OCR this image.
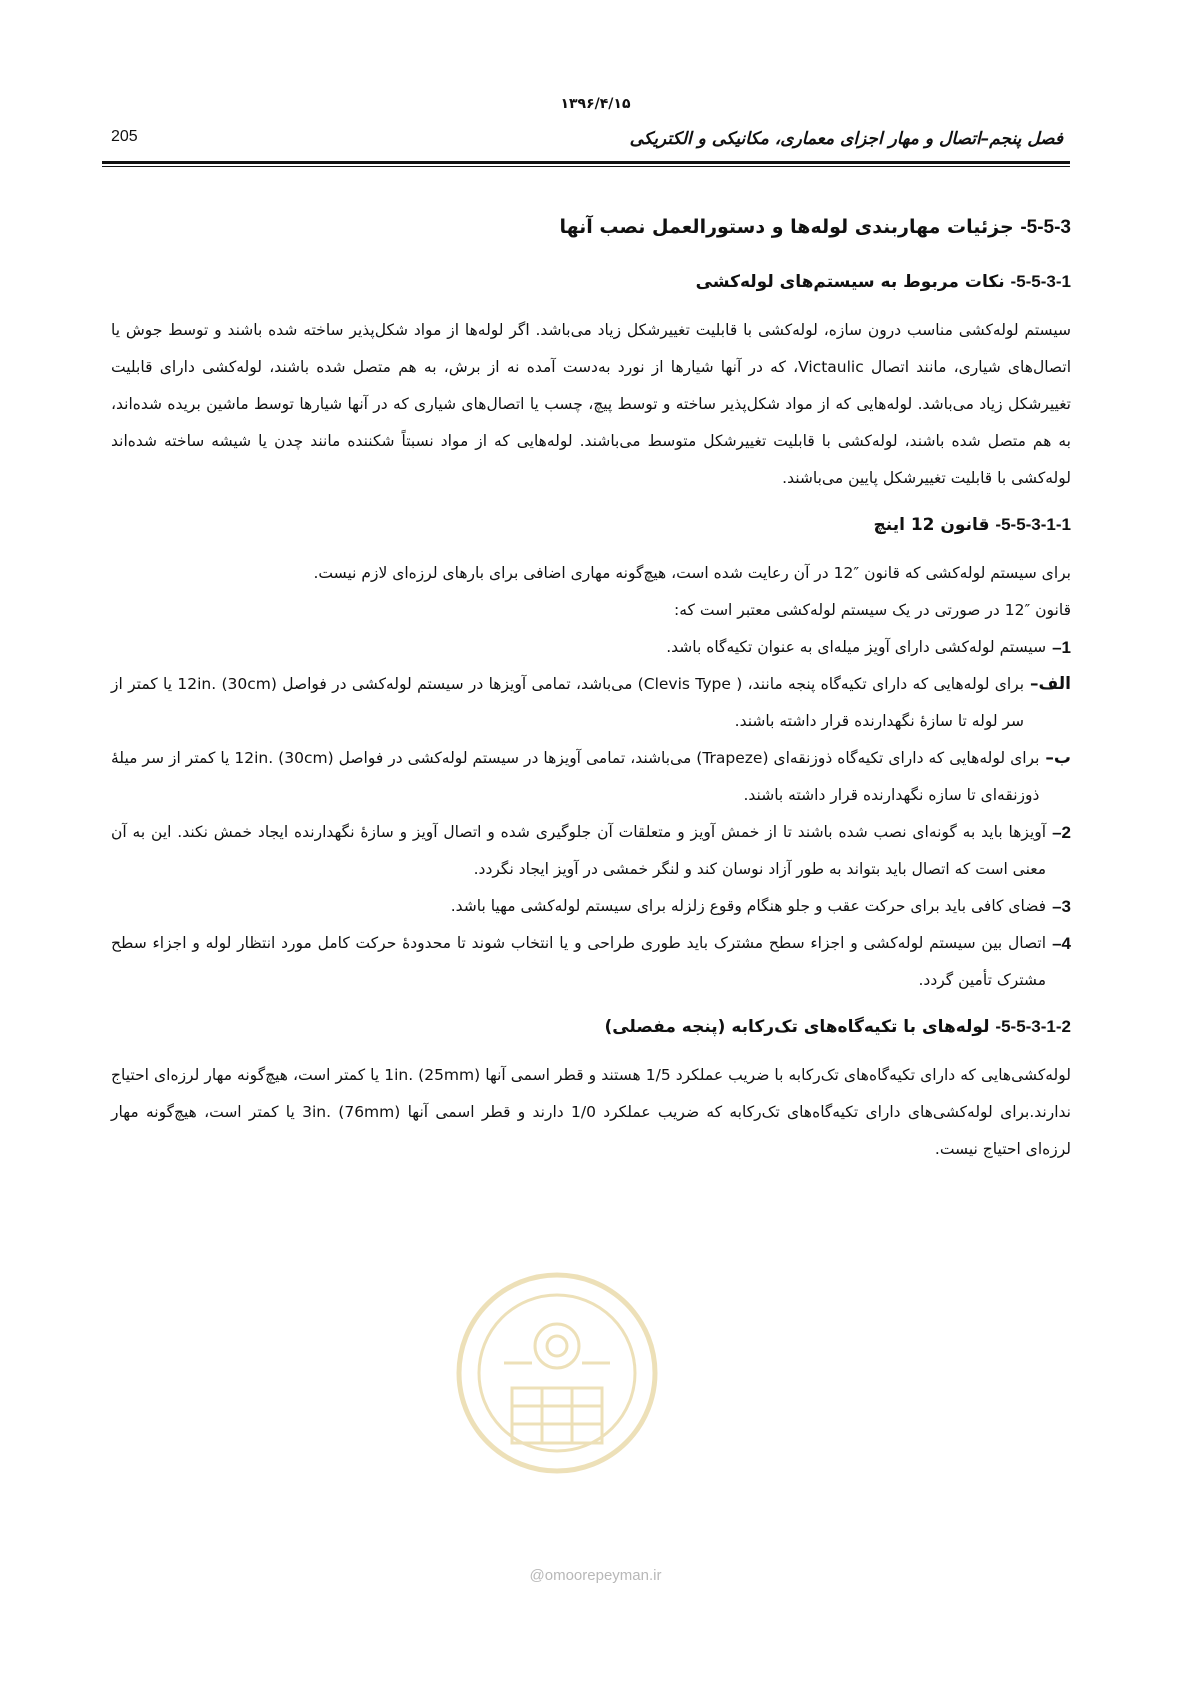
۱۳۹۶/۴/۱۵
205	فصل پنجم–اتصال و مهار اجزای معماری، مکانیکی و الکتریکی
5-5-3- جزئیات مهاربندی لوله‌ها و دستورالعمل نصب آنها
5-5-3-1- نکات مربوط به سیستم‌های لوله‌کشی

سیستم لوله‌کشی مناسب درون سازه، لوله‌کشی با قابلیت تغییرشکل زیاد می‌باشد. اگر لوله‌ها از مواد شکل‌پذیر ساخته شده باشند و توسط جوش یا اتصال‌های شیاری، مانند اتصال Victaulic، که در آنها شیارها از نورد به‌دست آمده نه از برش، به هم متصل شده باشند، لوله‌کشی دارای قابلیت تغییرشکل زیاد می‌باشد. لوله‌هایی که از مواد شکل‌پذیر ساخته و توسط پیچ، چسب یا اتصال‌های شیاری که در آنها شیارها توسط ماشین بریده شده‌اند، به هم متصل شده باشند، لوله‌کشی با قابلیت تغییرشکل متوسط می‌باشند. لوله‌هایی که از مواد نسبتاً شکننده مانند چدن یا شیشه ساخته شده‌اند لوله‌کشی با قابلیت تغییرشکل پایین می‌باشند.

5-5-3-1-1- قانون 12 اینچ

برای سیستم لوله‌کشی که قانون ″12 در آن رعایت شده است، هیچ‌گونه مهاری اضافی برای بارهای لرزه‌ای لازم نیست.

قانون ″12 در صورتی در یک سیستم لوله‌کشی معتبر است که:

1–
سیستم لوله‌کشی دارای آویز میله‌ای به عنوان تکیه‌گاه باشد.
الف–
برای لوله‌هایی که دارای تکیه‌گاه پنجه مانند، ( Clevis Type) می‌باشد، تمامی آویزها در سیستم لوله‌کشی در فواصل 12in. (30cm) یا کمتر از سر لوله تا سازهٔ نگهدارنده قرار داشته باشند.
ب–
برای لوله‌هایی که دارای تکیه‌گاه ذوزنقه‌ای (Trapeze) می‌باشند، تمامی آویزها در سیستم لوله‌کشی در فواصل 12in. (30cm) یا کمتر از سر میلهٔ ذوزنقه‌ای تا سازه نگهدارنده قرار داشته باشند.
2–
آویزها باید به گونه‌ای نصب شده باشند تا از خمش آویز و متعلقات آن جلوگیری شده و اتصال آویز و سازهٔ نگهدارنده ایجاد خمش نکند. این به آن معنی است که اتصال باید بتواند به طور آزاد نوسان کند و لنگر خمشی در آویز ایجاد نگردد.
3–
فضای کافی باید برای حرکت عقب و جلو هنگام وقوع زلزله برای سیستم لوله‌کشی مهیا باشد.
4–
اتصال بین سیستم لوله‌کشی و اجزاء سطح مشترک باید طوری طراحی و یا انتخاب شوند تا محدودهٔ حرکت کامل مورد انتظار لوله و اجزاء سطح مشترک تأمین گردد.
5-5-3-1-2- لوله‌های با تکیه‌گاه‌های تک‌رکابه (پنجه مفصلی)

لوله‌کشی‌هایی که دارای تکیه‌گاه‌های تک‌رکابه با ضریب عملکرد 1/5 هستند و قطر اسمی آنها 1in. (25mm) یا کمتر است، هیچ‌گونه مهار لرزه‌ای احتیاج ندارند.برای لوله‌کشی‌های دارای تکیه‌گاه‌های تک‌رکابه که ضریب عملکرد 1/0 دارند و قطر اسمی آنها 3in. (76mm) یا کمتر است، هیچ‌گونه مهار لرزه‌ای احتیاج نیست.

@omoorepeyman.ir
